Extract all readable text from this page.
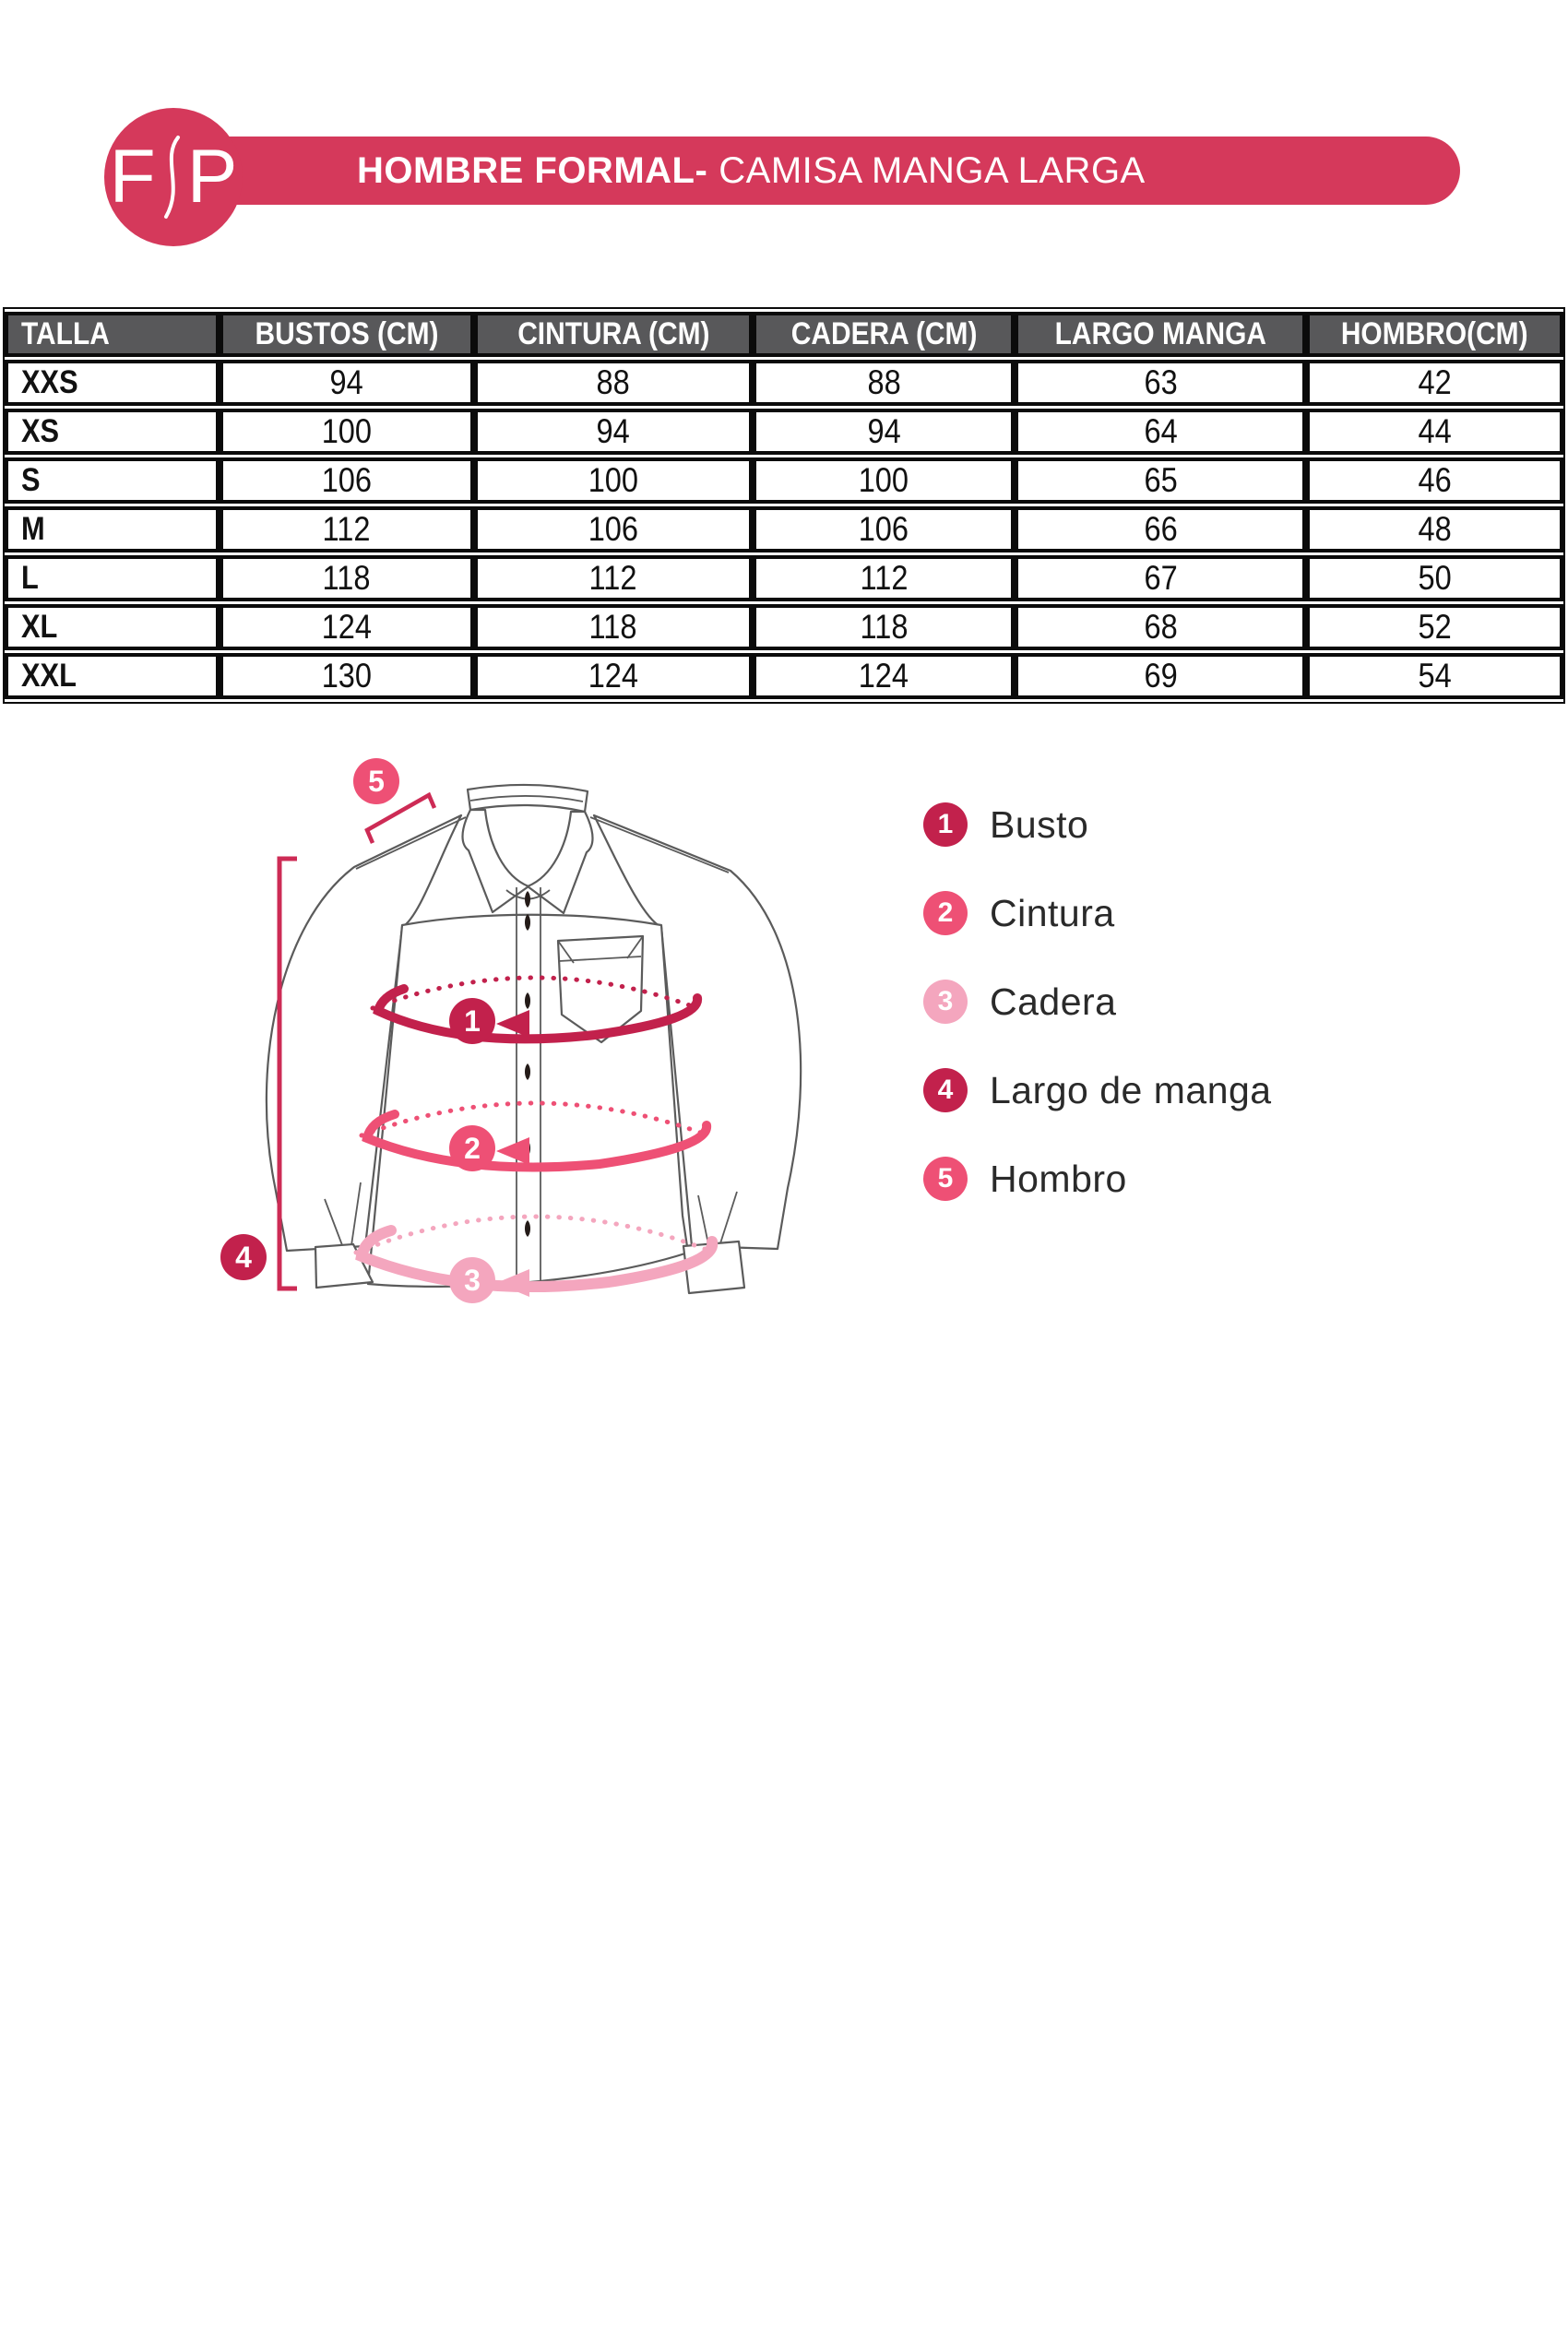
HOMBRE FORMAL- CAMISA MANGA LARGA
F P
TALLA	BUSTOS (CM)	CINTURA (CM)	CADERA (CM)	LARGO MANGA	HOMBRO(CM)
XXS	94	88	88	63	42
XS	100	94	94	64	44
S	106	100	100	65	46
M	112	106	106	66	48
L	118	112	112	67	50
XL	124	118	118	68	52
XXL	130	124	124	69	54
1
2
3
4
5
1 Busto
2 Cintura
3 Cadera
4 Largo de manga
5 Hombro
